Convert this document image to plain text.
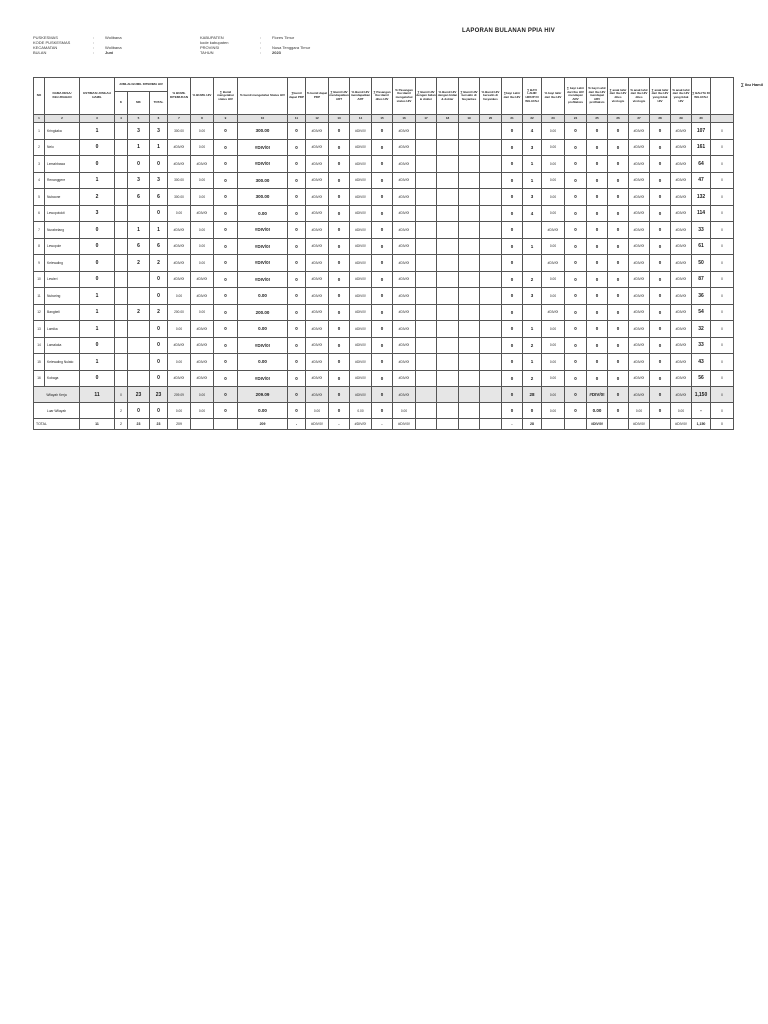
LAPORAN BULANAN PPIA HIV
PUSKESMAS	:	Wolibana
KODE PUSKESMAS	:
KECAMATAN	:	Wolibana
BULAN	:	Juni
KABUPATEN	:	Flores Timur
kode kabupaten	:
PROVINSI	:	Nusa Tenggara Timur
TAHUN	:	2023
∑ Ibu Hamil
NO	NAMA DESA/ KELURAHAN	ESTIMASI JUMLAH HAMIL	JUMLAH BUMIL DITERIMA HIV			% BUMIL DITEMUKAN	% BUMIL HIV	∑ Bumil mengetahui status HIV	% bumil mengetahui Status HIV	∑bumil dapat PDP	% bumil dapat PDP	∑ Bumil HIV mendapatkan ART	% Bumil HIV mendapatkan ART	∑ Pasangan Ibu Hamil dites HIV	% Pasangan Ibu Hamil mengetahui status HIV	∑ Bumil HIV dengan bidan & dokter	% Bumil HIV dengan bidan & dokter	∑ Bumil HIV bersalin di fasyankes	% Bumil HIV bersalin di fasyankes	∑bayi Lahir dari Ibu HIV	∑ BAYI LAHIR HIDUP DI WILAYAH	% bayi lahir dari Ibu HIV	∑ bayi Lahir dari Ibu HIV mendapat ARV profilaksis	% bayi Lahir dari Ibu HIV mendapat ARV profilaksis	∑ anak lahir dari Ibu HIV dites virologis	% anak lahir dari Ibu HIV dites virologis	∑ anak lahir dari Ibu HIV yang tidak HIV	% anak lahir dari ibu HIV yang tidak HIV	∑ BALITA DI WILAYAH	
			K	MK	TOTAL																									
1	2	3	4	5	6	7	8	9	10	11	12	13	14	15	16	17	18	19	20	21	22	23	24	25	26	27	28	29	30	
1	Kringkaka	1		3	3	300.00	0.00	0	300.00	0	#DIV/0!	0	#DIV/0!	0	#DIV/0!					0	4	0.00	0	0	0	#DIV/0!	0	#DIV/0!	107	0
2	Nelo	0		1	1	#DIV/0!	0.00	0	#DIV/0!	0	#DIV/0!	0	#DIV/0!	0	#DIV/0!					0	3	0.00	0	0	0	#DIV/0!	0	#DIV/0!	161	0
3	Lemahbawa	0		0	0	#DIV/0!	#DIV/0!	0	#DIV/0!	0	#DIV/0!	0	#DIV/0!	0	#DIV/0!					0	1	0.00	0	0	0	#DIV/0!	0	#DIV/0!	64	0
4	Renanggere	1		3	3	300.00	0.00	0	300.00	0	#DIV/0!	0	#DIV/0!	0	#DIV/0!					0	1	0.00	0	0	0	#DIV/0!	0	#DIV/0!	47	0
5	Nubaone	2		6	6	300.00	0.00	0	300.00	0	#DIV/0!	0	#DIV/0!	0	#DIV/0!					0	3	0.00	0	0	0	#DIV/0!	0	#DIV/0!	132	0
6	Lewopotokti	3			0	0.00	#DIV/0!	0	0.00	0	#DIV/0!	0	#DIV/0!	0	#DIV/0!					0	4	0.00	0	0	0	#DIV/0!	0	#DIV/0!	114	0
7	Nurabelang	0		1	1	#DIV/0!	0.00	0	#DIV/0!	0	#DIV/0!	0	#DIV/0!	0	#DIV/0!					0		#DIV/0!	0	0	0	#DIV/0!	0	#DIV/0!	33	0
8	Lewopole	0		6	6	#DIV/0!	0.00	0	#DIV/0!	0	#DIV/0!	0	#DIV/0!	0	#DIV/0!					0	1	0.00	0	0	0	#DIV/0!	0	#DIV/0!	61	0
9	Kelewaling	0		2	2	#DIV/0!	0.00	0	#DIV/0!	0	#DIV/0!	0	#DIV/0!	0	#DIV/0!					0		#DIV/0!	0	0	0	#DIV/0!	0	#DIV/0!	50	0
10	Lewleri	0			0	#DIV/0!	#DIV/0!	0	#DIV/0!	0	#DIV/0!	0	#DIV/0!	0	#DIV/0!					0	2	0.00	0	0	0	#DIV/0!	0	#DIV/0!	87	0
11	Nubaring	1			0	0.00	#DIV/0!	0	0.00	0	#DIV/0!	0	#DIV/0!	0	#DIV/0!					0	3	0.00	0	0	0	#DIV/0!	0	#DIV/0!	36	0
12	Bangbeli	1		2	2	200.00	0.00	0	200.00	0	#DIV/0!	0	#DIV/0!	0	#DIV/0!					0		#DIV/0!	0	0	0	#DIV/0!	0	#DIV/0!	54	0
13	Lamika	1			0	0.00	#DIV/0!	0	0.00	0	#DIV/0!	0	#DIV/0!	0	#DIV/0!					0	1	0.00	0	0	0	#DIV/0!	0	#DIV/0!	32	0
14	Lamalaka	0			0	#DIV/0!	#DIV/0!	0	#DIV/0!	0	#DIV/0!	0	#DIV/0!	0	#DIV/0!					0	2	0.00	0	0	0	#DIV/0!	0	#DIV/0!	33	0
15	Kelewaling Nulato	1			0	0.00	#DIV/0!	0	0.00	0	#DIV/0!	0	#DIV/0!	0	#DIV/0!					0	1	0.00	0	0	0	#DIV/0!	0	#DIV/0!	43	0
16	Kobaga	0			0	#DIV/0!	#DIV/0!	0	#DIV/0!	0	#DIV/0!	0	#DIV/0!	0	#DIV/0!					0	2	0.00	0	0	0	#DIV/0!	0	#DIV/0!	56	0
Wilayah Kerja		11	0	23	23	209.09	0.00	0	209.09	0	#DIV/0!	0	#DIV/0!	0	#DIV/0!					0	28	0.00	0	#DIV/0!	0	#DIV/0!	0	#DIV/0!	1,150	0
Luar Wilayah			2	0	0	0.00	0.00	0	0.00	0	0.00	0	0.00	0	0.00					0	0	0.00	0	0.00	0	0.00	0	0.00	-	0
TOTAL		11	2	23	23	209			209	-	#DIV/0!	-	#DIV/0!	-	#DIV/0!					-	28			#DIV/0!		#DIV/0!		#DIV/0!	1,150	0
